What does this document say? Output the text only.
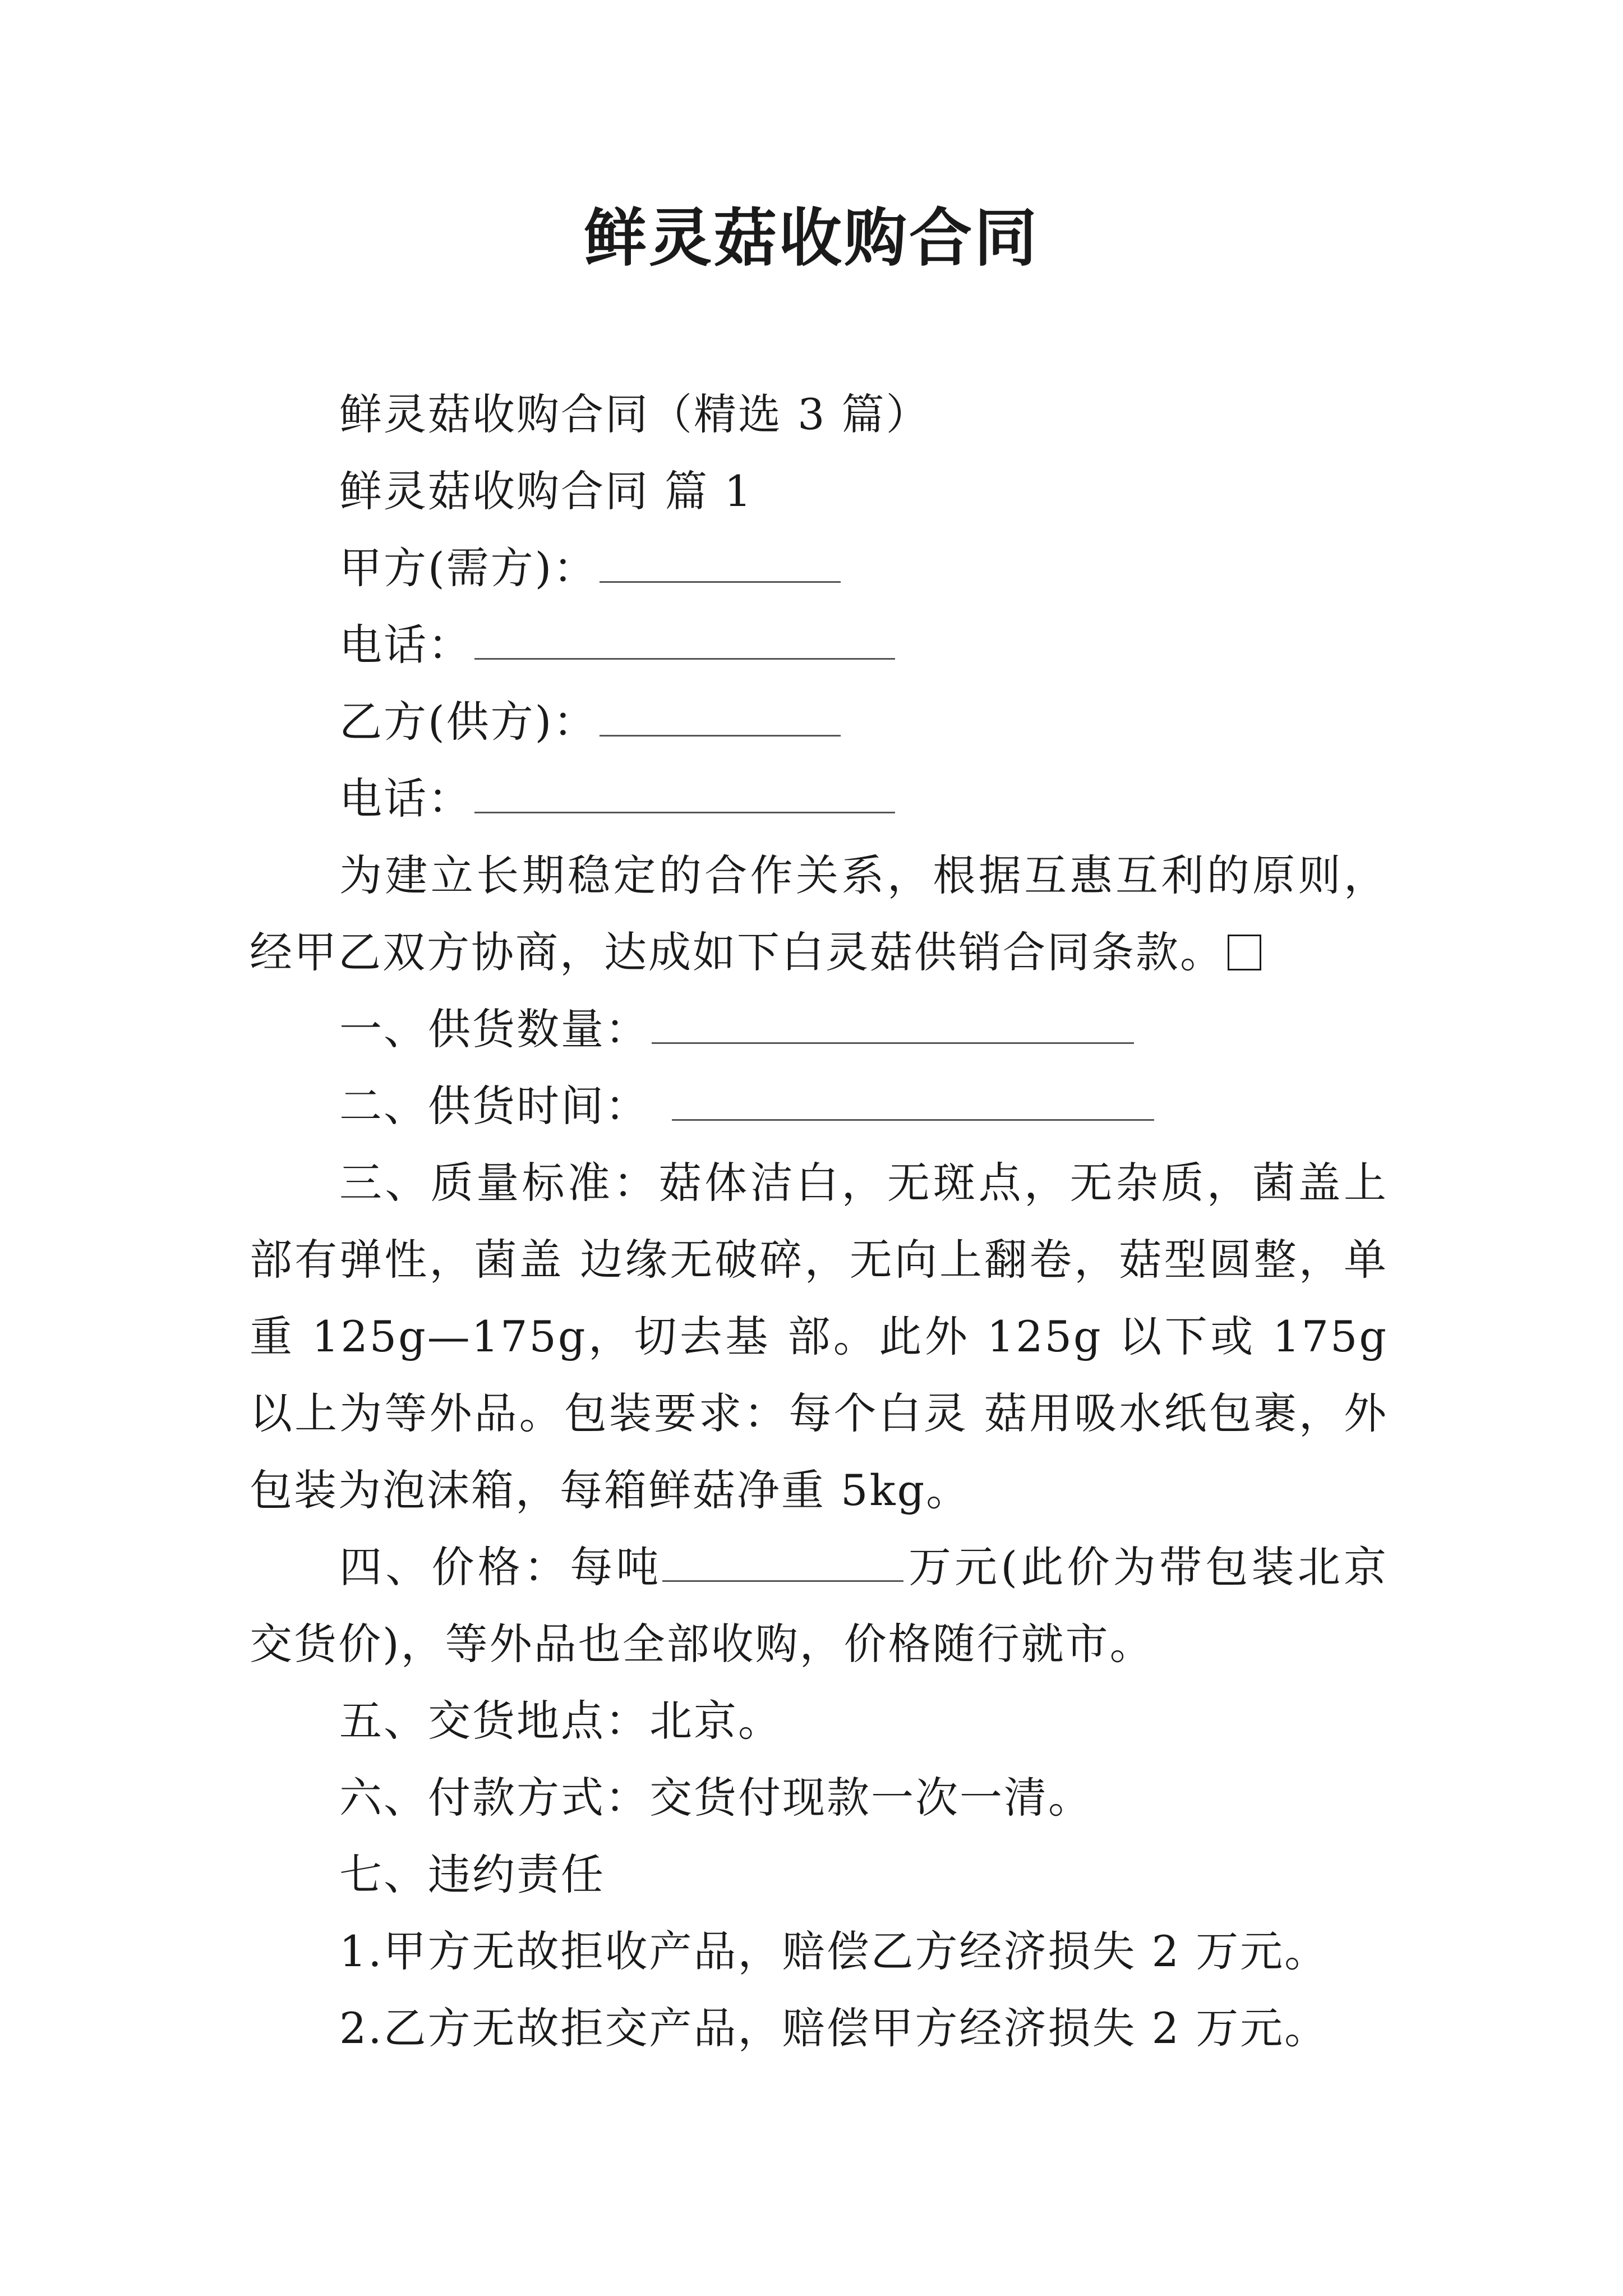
鲜灵菇收购合同

鲜灵菇收购合同（精选 3 篇）

鲜灵菇收购合同 篇 1

甲方(需方)：

电话：

乙方(供方)：

电话：

为建立长期稳定的合作关系，根据互惠互利的原则，经甲乙双方协商，达成如下白灵菇供销合同条款。

一、供货数量：

二、供货时间：

三、质量标准：菇体洁白，无斑点，无杂质，菌盖上部有弹性，菌盖 边缘无破碎，无向上翻卷，菇型圆整，单重 125g—175g，切去基 部。此外 125g 以下或 175g 以上为等外品。包装要求：每个白灵 菇用吸水纸包裹，外包装为泡沫箱，每箱鲜菇净重 5kg。

四、价格：每吨	万元(此价为带包装北京交货价)，等外品也全部收购，价格随行就市。

五、交货地点：北京。

六、付款方式：交货付现款一次一清。

七、违约责任

1.甲方无故拒收产品，赔偿乙方经济损失 2 万元。

2.乙方无故拒交产品，赔偿甲方经济损失 2 万元。
